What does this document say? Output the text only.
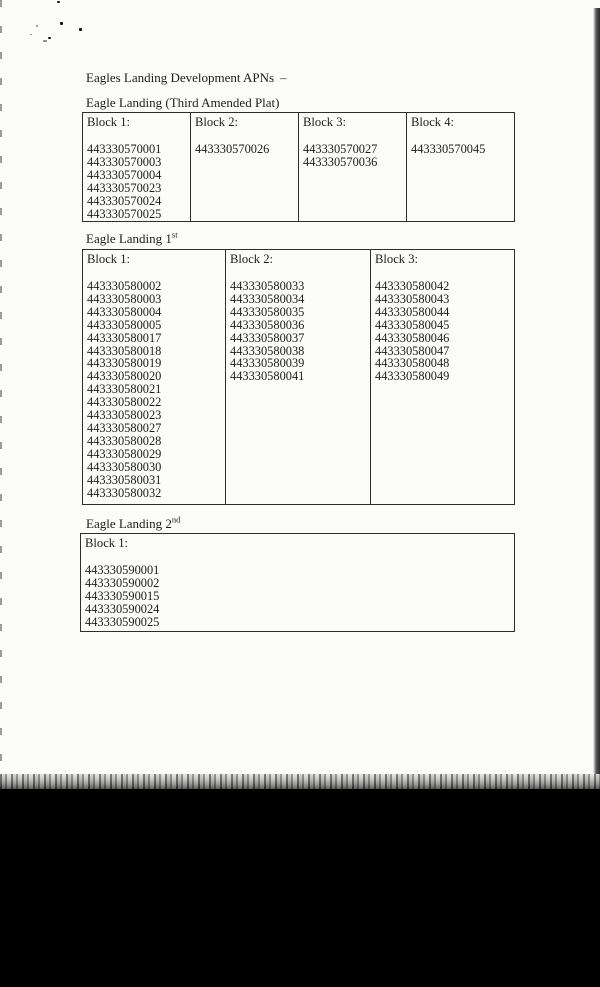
Eagles Landing Development APNs –
Eagle Landing (Third Amended Plat)
Block 1:
443330570001
443330570003
443330570004
443330570023
443330570024
443330570025
Block 2:
443330570026
Block 3:
443330570027
443330570036
Block 4:
443330570045
Eagle Landing 1st
Block 1:
443330580002
443330580003
443330580004
443330580005
443330580017
443330580018
443330580019
443330580020
443330580021
443330580022
443330580023
443330580027
443330580028
443330580029
443330580030
443330580031
443330580032
Block 2:
443330580033
443330580034
443330580035
443330580036
443330580037
443330580038
443330580039
443330580041
Block 3:
443330580042
443330580043
443330580044
443330580045
443330580046
443330580047
443330580048
443330580049
Eagle Landing 2nd
Block 1:
443330590001
443330590002
443330590015
443330590024
443330590025
